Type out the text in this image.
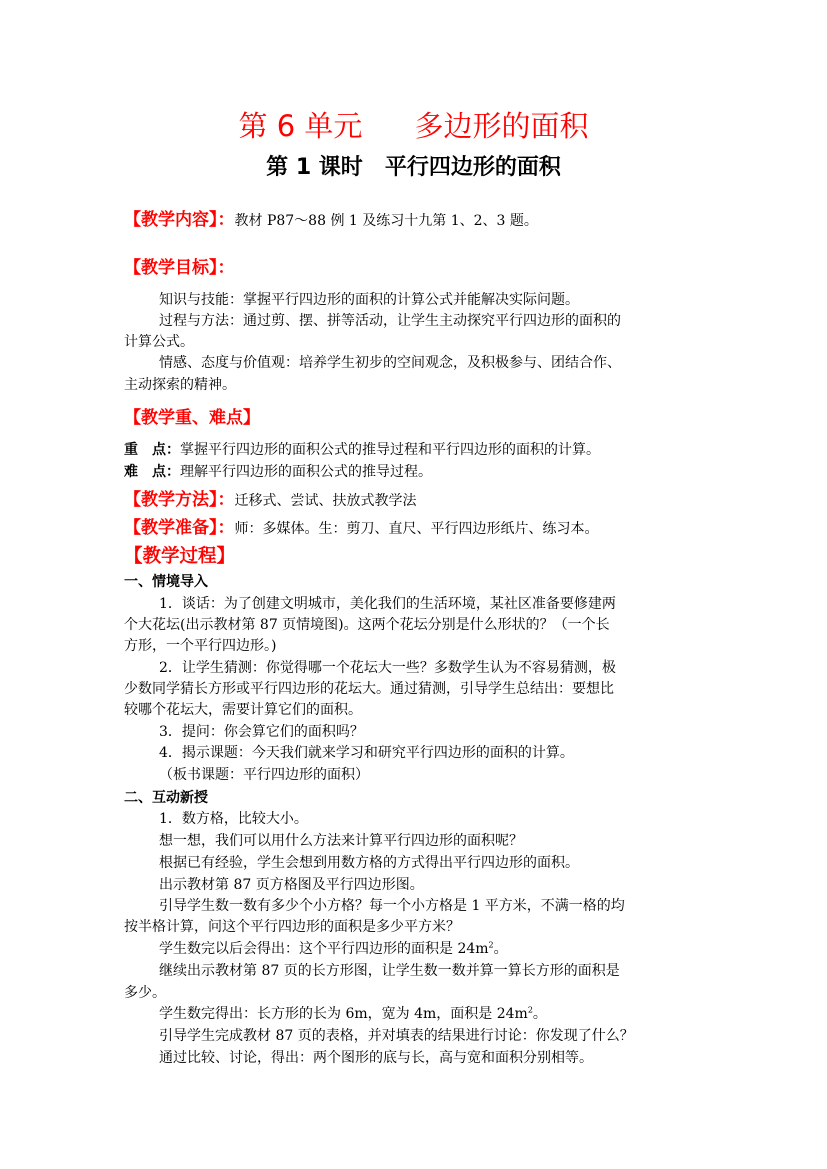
第 6 单元 多边形的面积
第 1 课时 平行四边形的面积
【教学内容】：教材 P87～88 例 1 及练习十九第 1、2、3 题。
【教学目标】：
知识与技能：掌握平行四边形的面积的计算公式并能解决实际问题。
过程与方法：通过剪、摆、拼等活动，让学生主动探究平行四边形的面积的
计算公式。
情感、态度与价值观：培养学生初步的空间观念，及积极参与、团结合作、
主动探索的精神。
【教学重、难点】
重　点：掌握平行四边形的面积公式的推导过程和平行四边形的面积的计算。
难　点：理解平行四边形的面积公式的推导过程。
【教学方法】：迁移式、尝试、扶放式教学法
【教学准备】：师：多媒体。生：剪刀、直尺、平行四边形纸片、练习本。
【教学过程】
一、情境导入
1．谈话：为了创建文明城市，美化我们的生活环境，某社区准备要修建两
个大花坛(出示教材第 87 页情境图)。这两个花坛分别是什么形状的？（一个长
方形，一个平行四边形。)
2．让学生猜测：你觉得哪一个花坛大一些？多数学生认为不容易猜测，极
少数同学猜长方形或平行四边形的花坛大。通过猜测，引导学生总结出：要想比
较哪个花坛大，需要计算它们的面积。
3．提问：你会算它们的面积吗？
4．揭示课题：今天我们就来学习和研究平行四边形的面积的计算。
（板书课题：平行四边形的面积）
二、互动新授
1．数方格，比较大小。
想一想，我们可以用什么方法来计算平行四边形的面积呢？
根据已有经验，学生会想到用数方格的方式得出平行四边形的面积。
出示教材第 87 页方格图及平行四边形图。
引导学生数一数有多少个小方格？每一个小方格是 1 平方米，不满一格的均
按半格计算，问这个平行四边形的面积是多少平方米？
学生数完以后会得出：这个平行四边形的面积是 $24m^2$。
继续出示教材第 87 页的长方形图，让学生数一数并算一算长方形的面积是
多少。
学生数完得出：长方形的长为 6m，宽为 4m，面积是 $24m^2$。
引导学生完成教材 87 页的表格，并对填表的结果进行讨论：你发现了什么？
通过比较、讨论，得出：两个图形的底与长，高与宽和面积分别相等。
